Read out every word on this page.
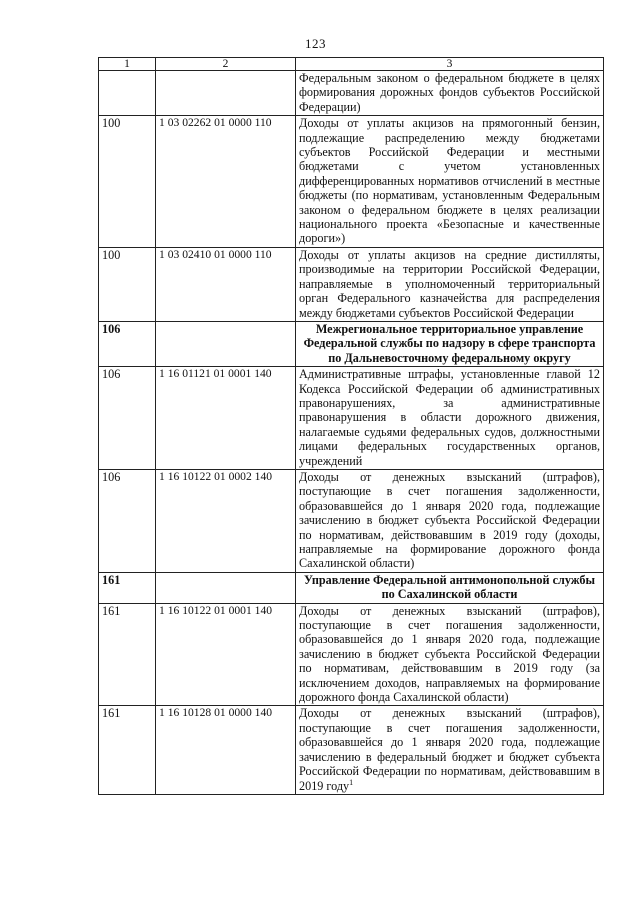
123
1	2	3
		Федеральным законом о федеральном бюджете в целях формирования дорожных фондов субъектов Российской Федерации)
100	1 03 02262 01 0000 110	Доходы от уплаты акцизов на прямогонный бензин, подлежащие распределению между бюджетами субъектов Российской Федерации и местными бюджетами с учетом установленных дифференцированных нормативов отчислений в местные бюджеты (по нормативам, установленным Федеральным законом о федеральном бюджете в целях реализации национального проекта «Безопасные и качественные дороги»)
100	1 03 02410 01 0000 110	Доходы от уплаты акцизов на средние дистилляты, производимые на территории Российской Федерации, направляемые в уполномоченный территориальный орган Федерального казначейства для распределения между бюджетами субъектов Российской Федерации
106		Межрегиональное территориальное управление Федеральной службы по надзору в сфере транспорта по Дальневосточному федеральному округу
106	1 16 01121 01 0001 140	Административные штрафы, установленные главой 12 Кодекса Российской Федерации об административных правонарушениях, за административные правонарушения в области дорожного движения, налагаемые судьями федеральных судов, должностными лицами федеральных государственных органов, учреждений
106	1 16 10122 01 0002 140	Доходы от денежных взысканий (штрафов), поступающие в счет погашения задолженности, образовавшейся до 1 января 2020 года, подлежащие зачислению в бюджет субъекта Российской Федерации по нормативам, действовавшим в 2019 году (доходы, направляемые на формирование дорожного фонда Сахалинской области)
161		Управление Федеральной антимонопольной службы по Сахалинской области
161	1 16 10122 01 0001 140	Доходы от денежных взысканий (штрафов), поступающие в счет погашения задолженности, образовавшейся до 1 января 2020 года, подлежащие зачислению в бюджет субъекта Российской Федерации по нормативам, действовавшим в 2019 году (за исключением доходов, направляемых на формирование дорожного фонда Сахалинской области)
161	1 16 10128 01 0000 140	Доходы от денежных взысканий (штрафов), поступающие в счет погашения задолженности, образовавшейся до 1 января 2020 года, подлежащие зачислению в федеральный бюджет и бюджет субъекта Российской Федерации по нормативам, действовавшим в 2019 году$^1$
